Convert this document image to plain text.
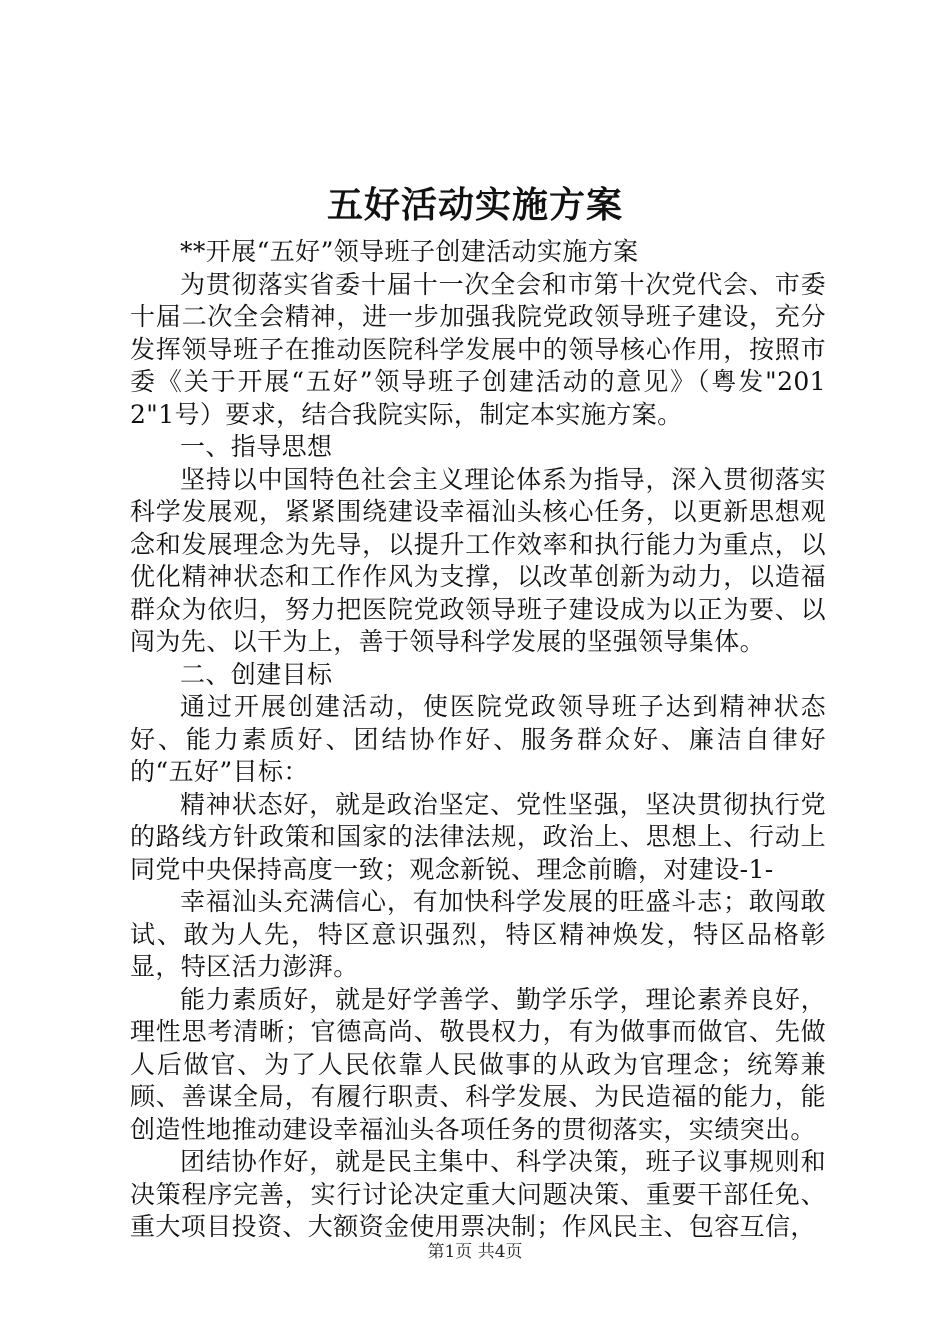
五好活动实施方案

**开展“五好”领导班子创建活动实施方案

为贯彻落实省委十届十一次全会和市第十次党代会、市委十届二次全会精神，进一步加强我院党政领导班子建设，充分发挥领导班子在推动医院科学发展中的领导核心作用，按照市委《关于开展“五好”领导班子创建活动的意见》（粤发"2012"1号）要求，结合我院实际，制定本实施方案。

一、指导思想

坚持以中国特色社会主义理论体系为指导，深入贯彻落实科学发展观，紧紧围绕建设幸福汕头核心任务，以更新思想观念和发展理念为先导，以提升工作效率和执行能力为重点，以优化精神状态和工作作风为支撑，以改革创新为动力，以造福群众为依归，努力把医院党政领导班子建设成为以正为要、以闯为先、以干为上，善于领导科学发展的坚强领导集体。

二、创建目标

通过开展创建活动，使医院党政领导班子达到精神状态好、能力素质好、团结协作好、服务群众好、廉洁自律好的“五好”目标：

精神状态好，就是政治坚定、党性坚强，坚决贯彻执行党的路线方针政策和国家的法律法规，政治上、思想上、行动上同党中央保持高度一致；观念新锐、理念前瞻，对建设-1-

幸福汕头充满信心，有加快科学发展的旺盛斗志；敢闯敢试、敢为人先，特区意识强烈，特区精神焕发，特区品格彰显，特区活力澎湃。

能力素质好，就是好学善学、勤学乐学，理论素养良好，理性思考清晰；官德高尚、敬畏权力，有为做事而做官、先做人后做官、为了人民依靠人民做事的从政为官理念；统筹兼顾、善谋全局，有履行职责、科学发展、为民造福的能力，能创造性地推动建设幸福汕头各项任务的贯彻落实，实绩突出。

团结协作好，就是民主集中、科学决策，班子议事规则和决策程序完善，实行讨论决定重大问题决策、重要干部任免、重大项目投资、大额资金使用票决制；作风民主、包容互信，

第1页 共4页
